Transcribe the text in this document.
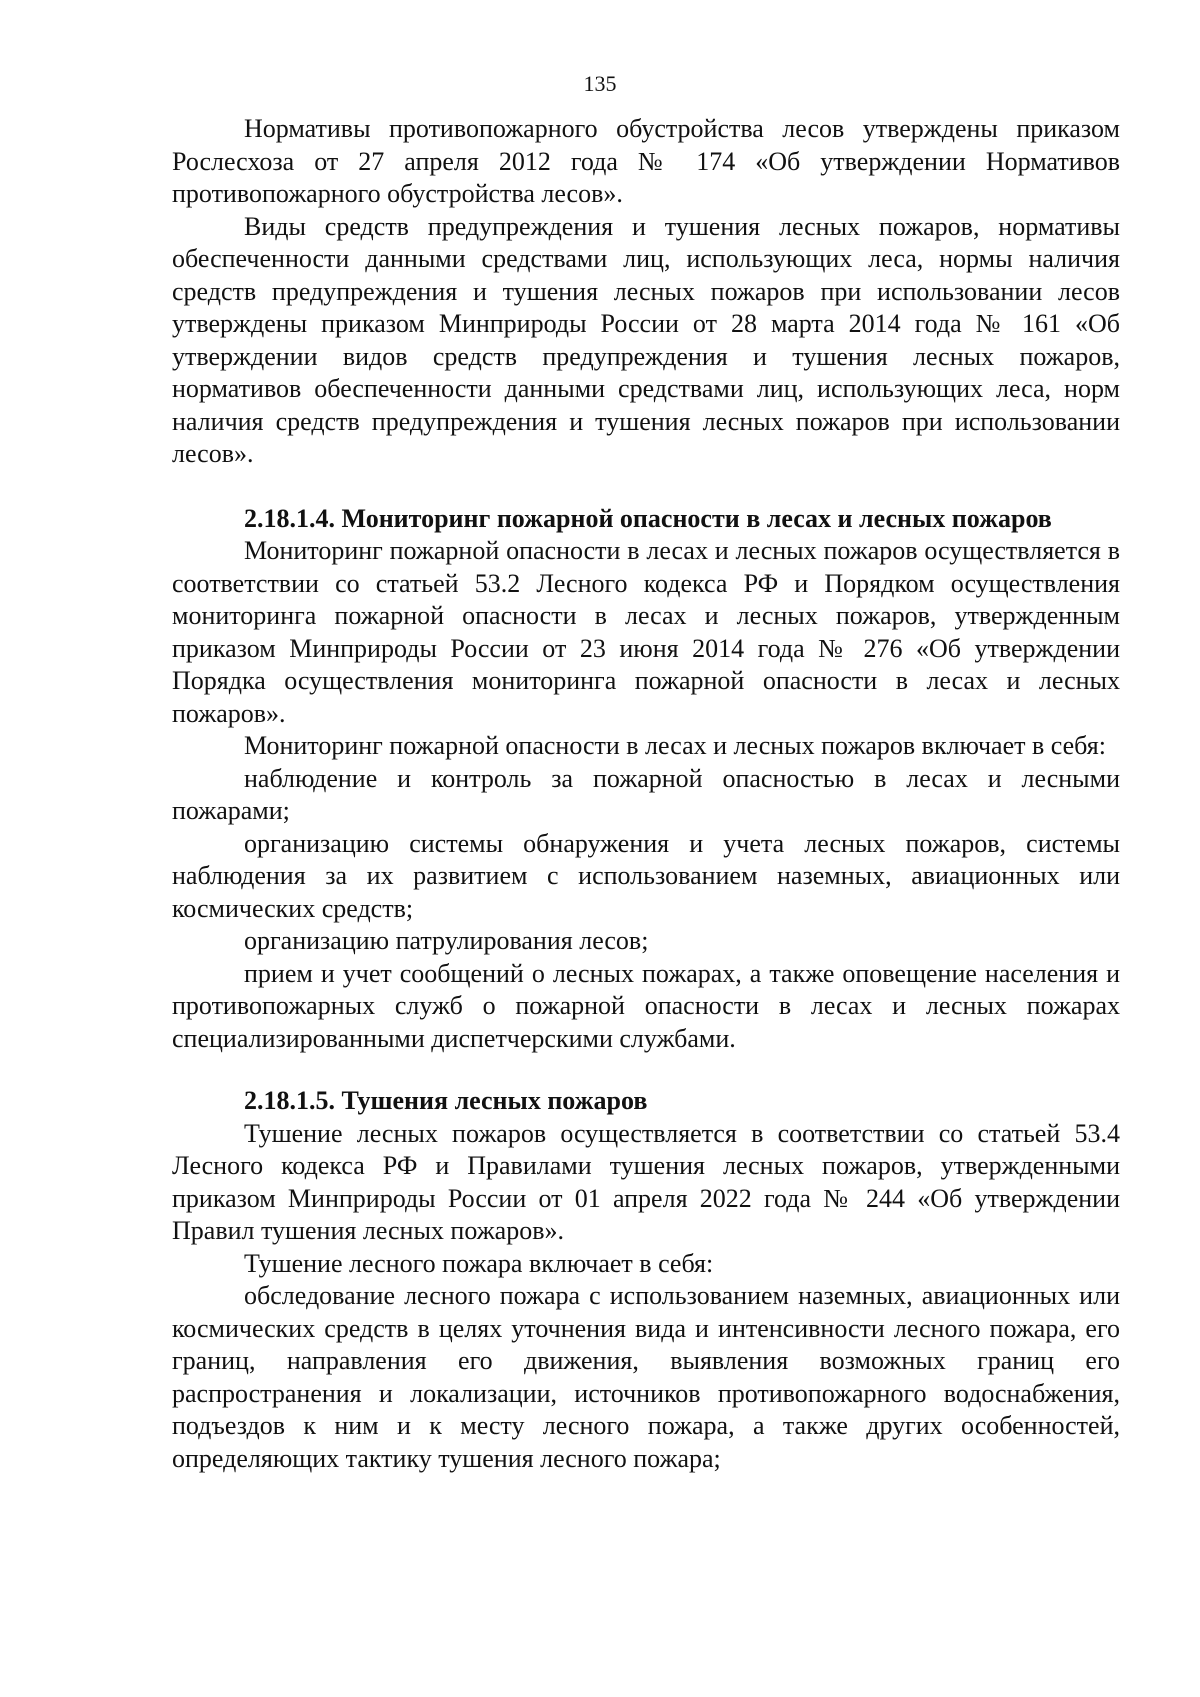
135

Нормативы противопожарного обустройства лесов утверждены приказом Рослесхоза от 27 апреля 2012 года № 174 «Об утверждении Нормативов противопожарного обустройства лесов».

Виды средств предупреждения и тушения лесных пожаров, нормативы обеспеченности данными средствами лиц, использующих леса, нормы наличия средств предупреждения и тушения лесных пожаров при использовании лесов утверждены приказом Минприроды России от 28 марта 2014 года № 161 «Об утверждении видов средств предупреждения и тушения лесных пожаров, нормативов обеспеченности данными средствами лиц, использующих леса, норм наличия средств предупреждения и тушения лесных пожаров при использовании лесов».

2.18.1.4. Мониторинг пожарной опасности в лесах и лесных пожаров

Мониторинг пожарной опасности в лесах и лесных пожаров осуществляется в соответствии со статьей 53.2 Лесного кодекса РФ и Порядком осуществления мониторинга пожарной опасности в лесах и лесных пожаров, утвержденным приказом Минприроды России от 23 июня 2014 года № 276 «Об утверждении Порядка осуществления мониторинга пожарной опасности в лесах и лесных пожаров».

Мониторинг пожарной опасности в лесах и лесных пожаров включает в себя:

наблюдение и контроль за пожарной опасностью в лесах и лесными пожарами;

организацию системы обнаружения и учета лесных пожаров, системы наблюдения за их развитием с использованием наземных, авиационных или космических средств;

организацию патрулирования лесов;

прием и учет сообщений о лесных пожарах, а также оповещение населения и противопожарных служб о пожарной опасности в лесах и лесных пожарах специализированными диспетчерскими службами.

2.18.1.5. Тушения лесных пожаров

Тушение лесных пожаров осуществляется в соответствии со статьей 53.4 Лесного кодекса РФ и Правилами тушения лесных пожаров, утвержденными приказом Минприроды России от 01 апреля 2022 года № 244 «Об утверждении Правил тушения лесных пожаров».

Тушение лесного пожара включает в себя:

обследование лесного пожара с использованием наземных, авиационных или космических средств в целях уточнения вида и интенсивности лесного пожара, его границ, направления его движения, выявления возможных границ его распространения и локализации, источников противопожарного водоснабжения, подъездов к ним и к месту лесного пожара, а также других особенностей, определяющих тактику тушения лесного пожара;
